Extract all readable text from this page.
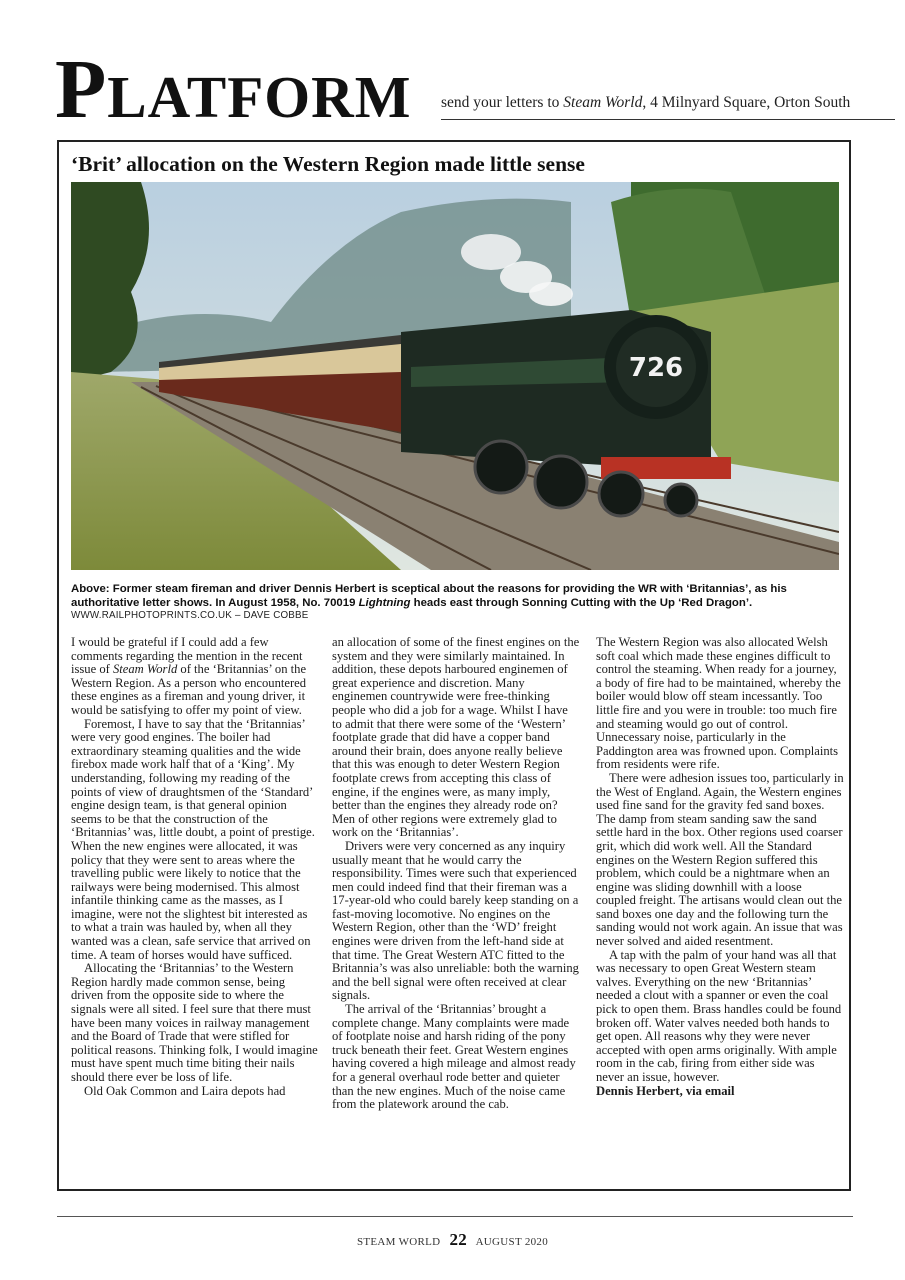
Platform send your letters to Steam World, 4 Milnyard Square, Orton South
‘Brit’ allocation on the Western Region made little sense
726
Above: Former steam fireman and driver Dennis Herbert is sceptical about the reasons for providing the WR with ‘Britannias’, as his authoritative letter shows. In August 1958, No. 70019 Lightning heads east through Sonning Cutting with the Up ‘Red Dragon’.
WWW.RAILPHOTOPRINTS.CO.UK – DAVE COBBE

I would be grateful if I could add a few comments regarding the mention in the recent issue of Steam World of the ‘Britannias’ on the Western Region. As a person who encountered these engines as a fireman and young driver, it would be satisfying to offer my point of view.

Foremost, I have to say that the ‘Britannias’ were very good engines. The boiler had extraordinary steaming qualities and the wide firebox made work half that of a ‘King’. My understanding, following my reading of the points of view of draughtsmen of the ‘Standard’ engine design team, is that general opinion seems to be that the construction of the ‘Britannias’ was, little doubt, a point of prestige. When the new engines were allocated, it was policy that they were sent to areas where the travelling public were likely to notice that the railways were being modernised. This almost infantile thinking came as the masses, as I imagine, were not the slightest bit interested as to what a train was hauled by, when all they wanted was a clean, safe service that arrived on time. A team of horses would have sufficed.

Allocating the ‘Britannias’ to the Western Region hardly made common sense, being driven from the opposite side to where the signals were all sited. I feel sure that there must have been many voices in railway management and the Board of Trade that were stifled for political reasons. Thinking folk, I would imagine must have spent much time biting their nails should there ever be loss of life.

Old Oak Common and Laira depots had

an allocation of some of the finest engines on the system and they were similarly maintained. In addition, these depots harboured enginemen of great experience and discretion. Many enginemen countrywide were free-thinking people who did a job for a wage. Whilst I have to admit that there were some of the ‘Western’ footplate grade that did have a copper band around their brain, does anyone really believe that this was enough to deter Western Region footplate crews from accepting this class of engine, if the engines were, as many imply, better than the engines they already rode on? Men of other regions were extremely glad to work on the ‘Britannias’.

Drivers were very concerned as any inquiry usually meant that he would carry the responsibility. Times were such that experienced men could indeed find that their fireman was a 17-year-old who could barely keep standing on a fast-moving locomotive. No engines on the Western Region, other than the ‘WD’ freight engines were driven from the left-hand side at that time. The Great Western ATC fitted to the Britannia’s was also unreliable: both the warning and the bell signal were often received at clear signals.

The arrival of the ‘Britannias’ brought a complete change. Many complaints were made of footplate noise and harsh riding of the pony truck beneath their feet. Great Western engines having covered a high mileage and almost ready for a general overhaul rode better and quieter than the new engines. Much of the noise came from the platework around the cab.

The Western Region was also allocated Welsh soft coal which made these engines difficult to control the steaming. When ready for a journey, a body of fire had to be maintained, whereby the boiler would blow off steam incessantly. Too little fire and you were in trouble: too much fire and steaming would go out of control. Unnecessary noise, particularly in the Paddington area was frowned upon. Complaints from residents were rife.

There were adhesion issues too, particularly in the West of England. Again, the Western engines used fine sand for the gravity fed sand boxes. The damp from steam sanding saw the sand settle hard in the box. Other regions used coarser grit, which did work well. All the Standard engines on the Western Region suffered this problem, which could be a nightmare when an engine was sliding downhill with a loose coupled freight. The artisans would clean out the sand boxes one day and the following turn the sanding would not work again. An issue that was never solved and aided resentment.

A tap with the palm of your hand was all that was necessary to open Great Western steam valves. Everything on the new ‘Britannias’ needed a clout with a spanner or even the coal pick to open them. Brass handles could be found broken off. Water valves needed both hands to get open. All reasons why they were never accepted with open arms originally. With ample room in the cab, firing from either side was never an issue, however.

Dennis Herbert, via email

STEAM WORLD 22 AUGUST 2020
